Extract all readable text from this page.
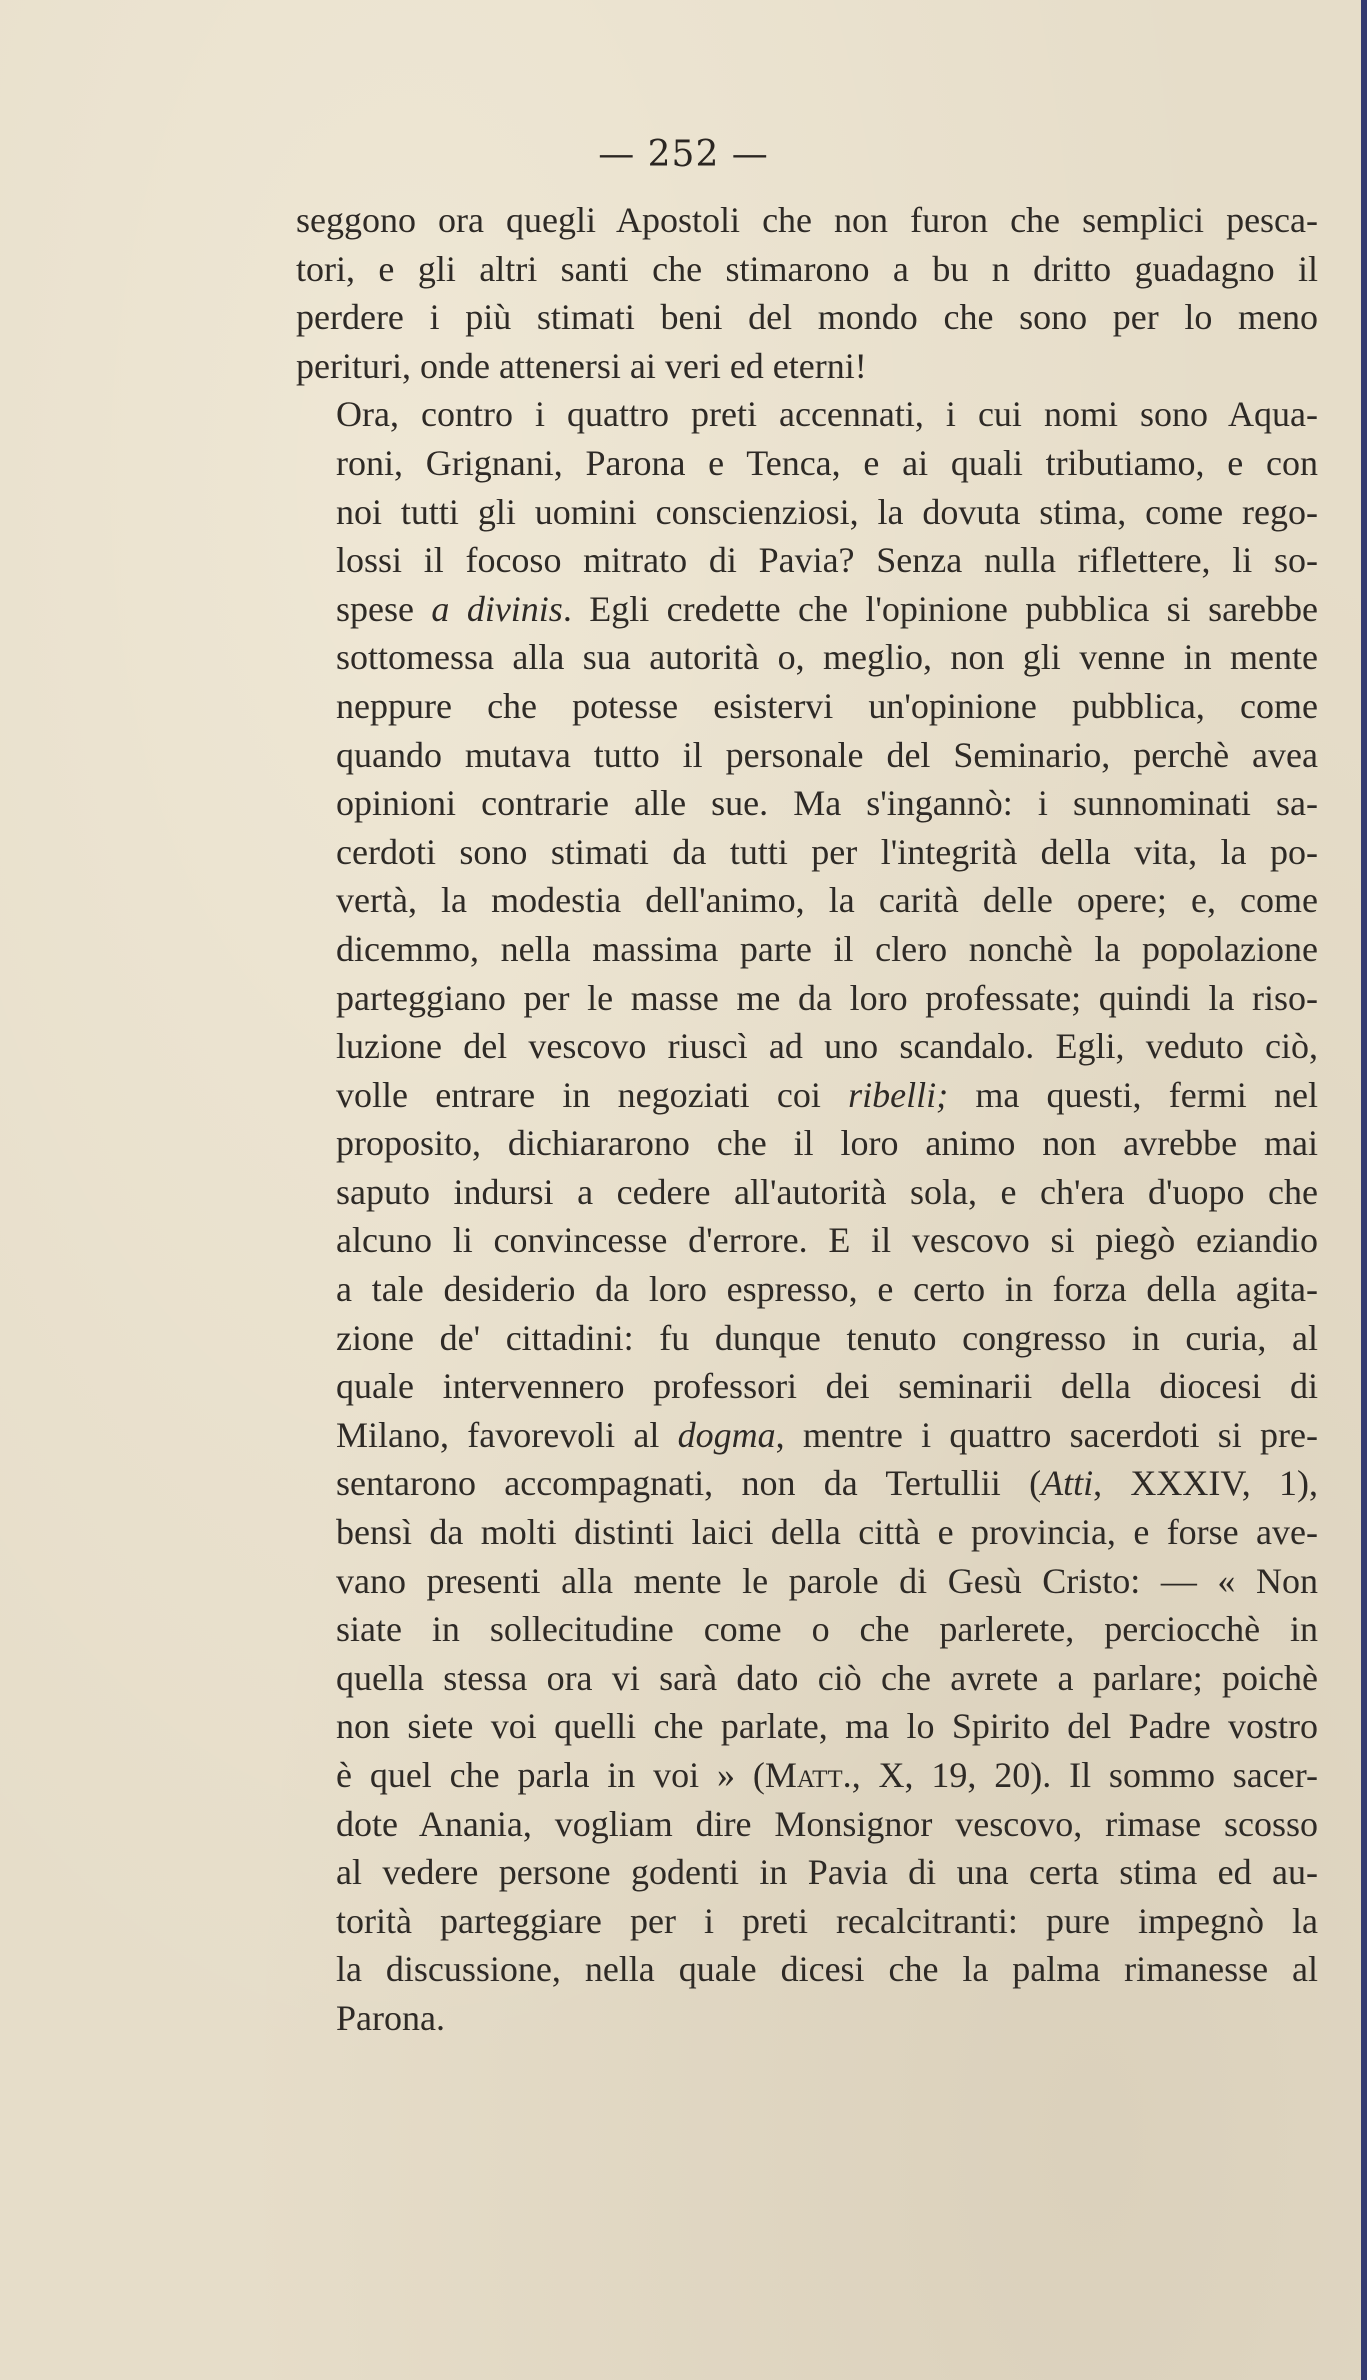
— 252 —

seggono ora quegli Apostoli che non furon che semplici pesca-
tori, e gli altri santi che stimarono a bu n dritto guadagno il
perdere i più stimati beni del mondo che sono per lo meno
perituri, onde attenersi ai veri ed eterni!

Ora, contro i quattro preti accennati, i cui nomi sono Aqua-
roni, Grignani, Parona e Tenca, e ai quali tributiamo, e con
noi tutti gli uomini conscienziosi, la dovuta stima, come rego-
lossi il focoso mitrato di Pavia? Senza nulla riflettere, li so-
spese a divinis. Egli credette che l'opinione pubblica si sarebbe
sottomessa alla sua autorità o, meglio, non gli venne in mente
neppure che potesse esistervi un'opinione pubblica, come
quando mutava tutto il personale del Seminario, perchè avea
opinioni contrarie alle sue. Ma s'ingannò: i sunnominati sa-
cerdoti sono stimati da tutti per l'integrità della vita, la po-
vertà, la modestia dell'animo, la carità delle opere; e, come
dicemmo, nella massima parte il clero nonchè la popolazione
parteggiano per le masse me da loro professate; quindi la riso-
luzione del vescovo riuscì ad uno scandalo. Egli, veduto ciò,
volle entrare in negoziati coi ribelli; ma questi, fermi nel
proposito, dichiararono che il loro animo non avrebbe mai
saputo indursi a cedere all'autorità sola, e ch'era d'uopo che
alcuno li convincesse d'errore. E il vescovo si piegò eziandio
a tale desiderio da loro espresso, e certo in forza della agita-
zione de' cittadini: fu dunque tenuto congresso in curia, al
quale intervennero professori dei seminarii della diocesi di
Milano, favorevoli al dogma, mentre i quattro sacerdoti si pre-
sentarono accompagnati, non da Tertullii (Atti, XXXIV, 1),
bensì da molti distinti laici della città e provincia, e forse ave-
vano presenti alla mente le parole di Gesù Cristo: — « Non
siate in sollecitudine come o che parlerete, perciocchè in
quella stessa ora vi sarà dato ciò che avrete a parlare; poichè
non siete voi quelli che parlate, ma lo Spirito del Padre vostro
è quel che parla in voi » (Matt., X, 19, 20). Il sommo sacer-
dote Anania, vogliam dire Monsignor vescovo, rimase scosso
al vedere persone godenti in Pavia di una certa stima ed au-
torità parteggiare per i preti recalcitranti: pure impegnò la
la discussione, nella quale dicesi che la palma rimanesse al
Parona.
